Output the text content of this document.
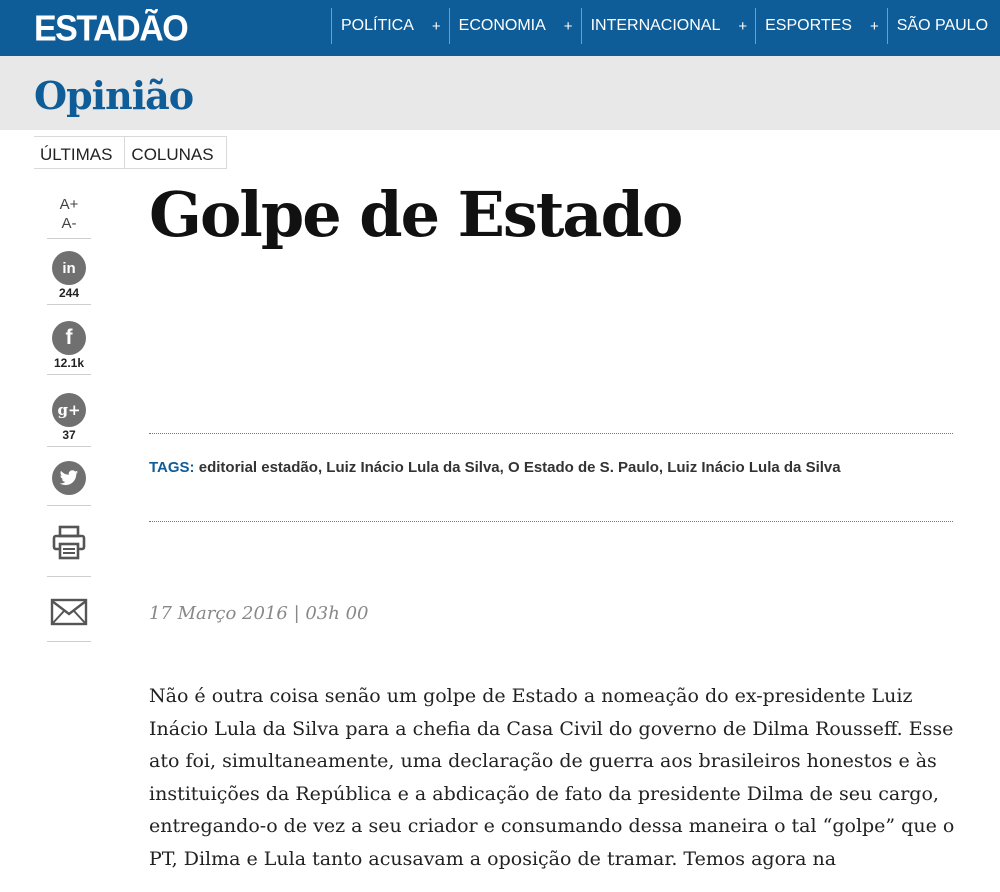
ESTADÃO	POLÍTICA + ECONOMIA + INTERNACIONAL + ESPORTES + SÃO PAULO
Opinião
ÚLTIMAS	COLUNAS
A+
A-
in
244
f
12.1k
g+
37
Golpe de Estado
TAGS: editorial estadão, Luiz Inácio Lula da Silva, O Estado de S. Paulo, Luiz Inácio Lula da Silva
17 Março 2016 | 03h 00

Não é outra coisa senão um golpe de Estado a nomeação do ex-presidente Luiz Inácio Lula da Silva para a chefia da Casa Civil do governo de Dilma Rousseff. Esse ato foi, simultaneamente, uma declaração de guerra aos brasileiros honestos e às instituições da República e a abdicação de fato da presidente Dilma de seu cargo, entregando-o de vez a seu criador e consumando dessa maneira o tal “golpe” que o PT, Dilma e Lula tanto acusavam a oposição de tramar. Temos agora na
